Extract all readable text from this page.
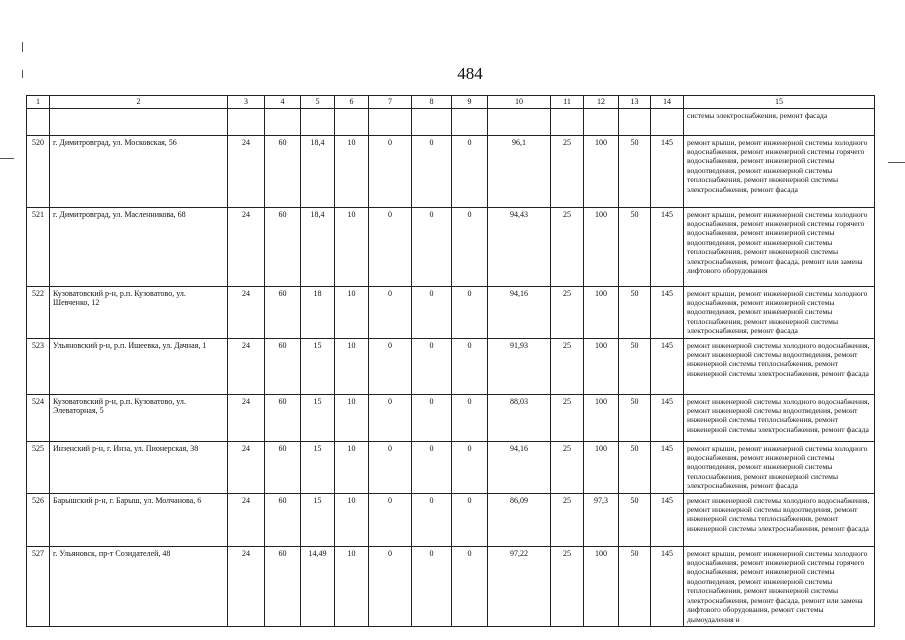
484
1	2	3	4	5	6	7	8	9	10	11	12	13	14	15
														системы электроснабжения, ремонт фасада
520	г. Димитровград, ул. Московская, 56	24	60	18,4	10	0	0	0	96,1	25	100	50	145	ремонт крыши, ремонт инженерной системы холодного водоснабжения, ремонт инженерной системы горячего водоснабжения, ремонт инженерной системы водоотведения, ремонт инженерной системы теплоснабжения, ремонт инженерной системы электроснабжения, ремонт фасада
521	г. Димитровград, ул. Масленникова, 68	24	60	18,4	10	0	0	0	94,43	25	100	50	145	ремонт крыши, ремонт инженерной системы холодного водоснабжения, ремонт инженерной системы горячего водоснабжения, ремонт инженерной системы водоотведения, ремонт инженерной системы теплоснабжения, ремонт инженерной системы электроснабжения, ремонт фасада, ремонт или замена лифтового оборудования
522	Кузоватовский р-н, р.п. Кузоватово, ул. Шевченко, 12	24	60	18	10	0	0	0	94,16	25	100	50	145	ремонт крыши, ремонт инженерной системы холодного водоснабжения, ремонт инженерной системы водоотведения, ремонт инженерной системы теплоснабжения, ремонт инженерной системы электроснабжения, ремонт фасада
523	Ульяновский р-н, р.п. Ишеевка, ул. Дачная, 1	24	60	15	10	0	0	0	91,93	25	100	50	145	ремонт инженерной системы холодного водоснабжения, ремонт инженерной системы водоотведения, ремонт инженерной системы теплоснабжения, ремонт инженерной системы электроснабжения, ремонт фасада
524	Кузоватовский р-н, р.п. Кузоватово, ул. Элеваторная, 5	24	60	15	10	0	0	0	88,03	25	100	50	145	ремонт инженерной системы холодного водоснабжения, ремонт инженерной системы водоотведения, ремонт инженерной системы теплоснабжения, ремонт инженерной системы электроснабжения, ремонт фасада
525	Инзенский р-н, г. Инза, ул. Пионерская, 38	24	60	15	10	0	0	0	94,16	25	100	50	145	ремонт крыши, ремонт инженерной системы холодного водоснабжения, ремонт инженерной системы водоотведения, ремонт инженерной системы теплоснабжения, ремонт инженерной системы электроснабжения, ремонт фасада
526	Барышский р-н, г. Барыш, ул. Молчанова, 6	24	60	15	10	0	0	0	86,09	25	97,3	50	145	ремонт инженерной системы холодного водоснабжения, ремонт инженерной системы водоотведения, ремонт инженерной системы теплоснабжения, ремонт инженерной системы электроснабжения, ремонт фасада
527	г. Ульяновск, пр-т Созидателей, 48	24	60	14,49	10	0	0	0	97,22	25	100	50	145	ремонт крыши, ремонт инженерной системы холодного водоснабжения, ремонт инженерной системы горячего водоснабжения, ремонт инженерной системы водоотведения, ремонт инженерной системы теплоснабжения, ремонт инженерной системы электроснабжения, ремонт фасада, ремонт или замена лифтового оборудования, ремонт системы дымоудаления и
